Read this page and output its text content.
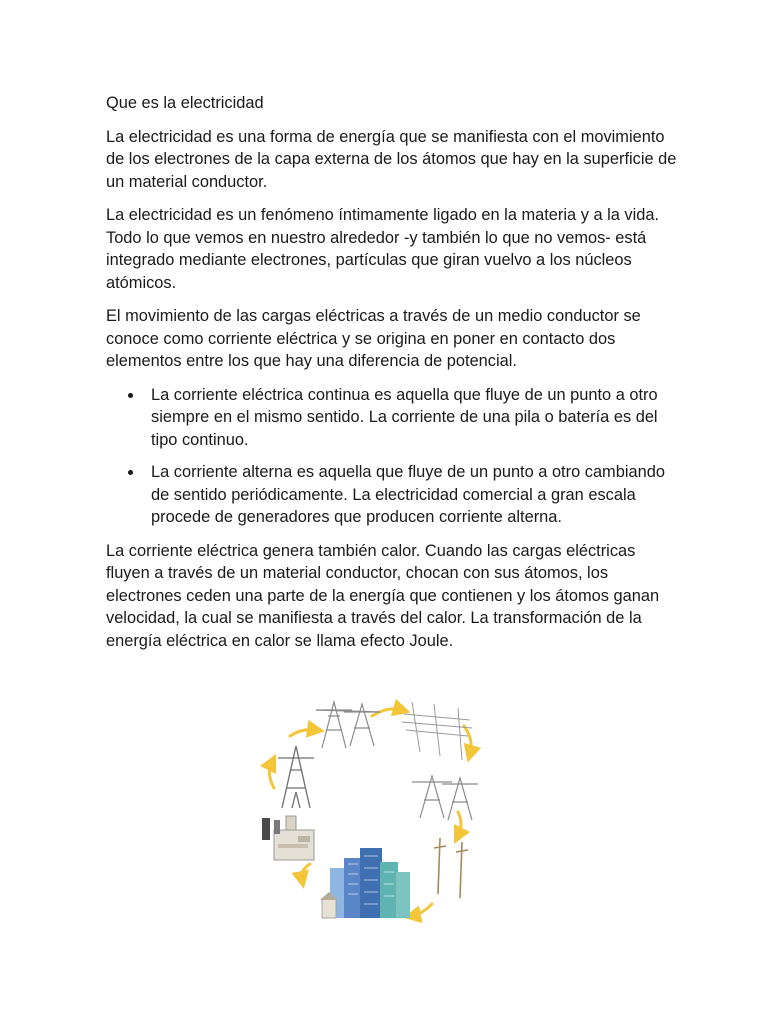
Que es la electricidad

La electricidad es una forma de energía que se manifiesta con el movimiento de los electrones de la capa externa de los átomos que hay en la superficie de un material conductor.

La electricidad es un fenómeno íntimamente ligado en la materia y a la vida. Todo lo que vemos en nuestro alrededor -y también lo que no vemos- está integrado mediante electrones, partículas que giran vuelvo a los núcleos atómicos.

El movimiento de las cargas eléctricas a través de un medio conductor se conoce como corriente eléctrica y se origina en poner en contacto dos elementos entre los que hay una diferencia de potencial.

La corriente eléctrica continua es aquella que fluye de un punto a otro siempre en el mismo sentido. La corriente de una pila o batería es del tipo continuo.
La corriente alterna es aquella que fluye de un punto a otro cambiando de sentido periódicamente. La electricidad comercial a gran escala procede de generadores que producen corriente alterna.

La corriente eléctrica genera también calor. Cuando las cargas eléctricas fluyen a través de un material conductor, chocan con sus átomos, los electrones ceden una parte de la energía que contienen y los átomos ganan velocidad, la cual se manifiesta a través del calor. La transformación de la energía eléctrica en calor se llama efecto Joule.
